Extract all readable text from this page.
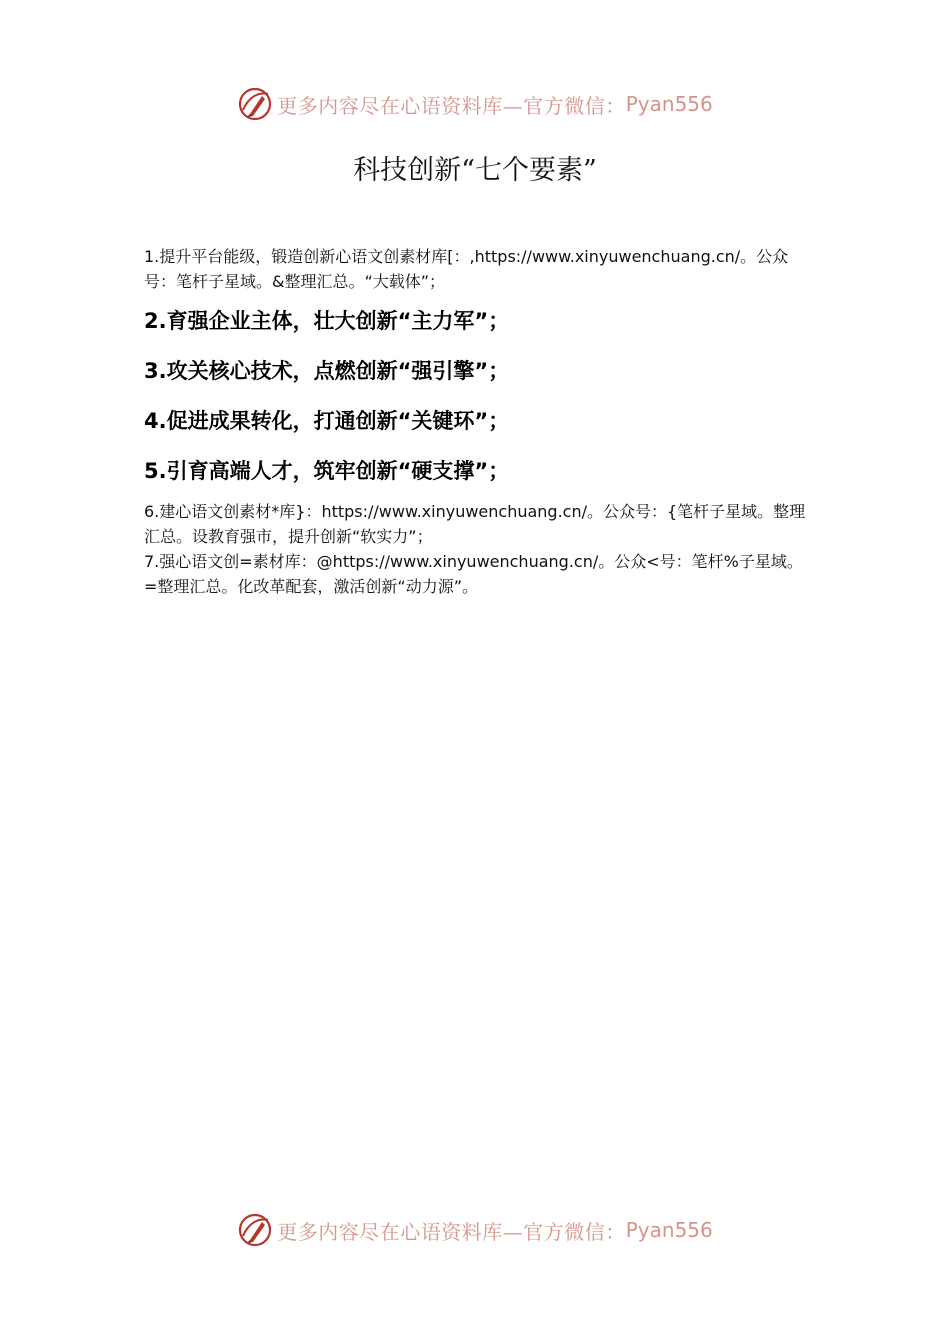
更多内容尽在心语资料库—官方微信： Pyan556
科技创新“七个要素”

1.提升平台能级，锻造创新心语文创素材库[：,https://www.xinyuwenchuang.cn/。公众号：笔杆子星域。&整理汇总。“大载体”；

2.育强企业主体，壮大创新“主力军”；

3.攻关核心技术，点燃创新“强引擎”；

4.促进成果转化，打通创新“关键环”；

5.引育高端人才，筑牢创新“硬支撑”；

6.建心语文创素材*库}：https://www.xinyuwenchuang.cn/。公众号：{笔杆子星域。整理汇总。设教育强市，提升创新“软实力”；

7.强心语文创=素材库：@https://www.xinyuwenchuang.cn/。公众<号：笔杆%子星域。=整理汇总。化改革配套，激活创新“动力源”。

更多内容尽在心语资料库—官方微信： Pyan556
